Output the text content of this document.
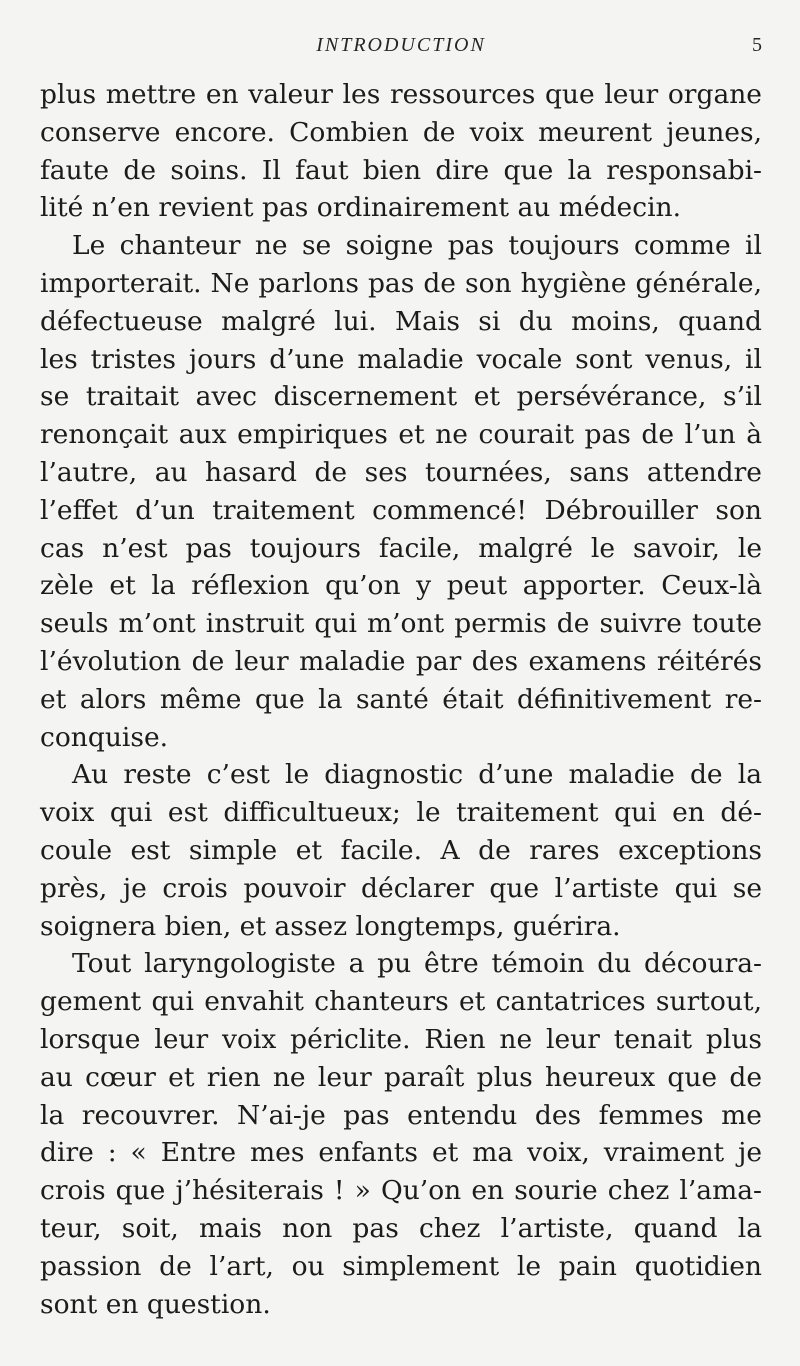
INTRODUCTION	5
plus mettre en valeur les ressources que leur organe
conserve encore. Combien de voix meurent jeunes,
faute de soins. Il faut bien dire que la responsabi-
lité n’en revient pas ordinairement au médecin.
Le chanteur ne se soigne pas toujours comme il
importerait. Ne parlons pas de son hygiène générale,
défectueuse malgré lui. Mais si du moins, quand
les tristes jours d’une maladie vocale sont venus, il
se traitait avec discernement et persévérance, s’il
renonçait aux empiriques et ne courait pas de l’un à
l’autre, au hasard de ses tournées, sans attendre
l’effet d’un traitement commencé! Débrouiller son
cas n’est pas toujours facile, malgré le savoir, le
zèle et la réflexion qu’on y peut apporter. Ceux-là
seuls m’ont instruit qui m’ont permis de suivre toute
l’évolution de leur maladie par des examens réitérés
et alors même que la santé était définitivement re-
conquise.
Au reste c’est le diagnostic d’une maladie de la
voix qui est difficultueux; le traitement qui en dé-
coule est simple et facile. A de rares exceptions
près, je crois pouvoir déclarer que l’artiste qui se
soignera bien, et assez longtemps, guérira.
Tout laryngologiste a pu être témoin du découra-
gement qui envahit chanteurs et cantatrices surtout,
lorsque leur voix périclite. Rien ne leur tenait plus
au cœur et rien ne leur paraît plus heureux que de
la recouvrer. N’ai-je pas entendu des femmes me
dire : « Entre mes enfants et ma voix, vraiment je
crois que j’hésiterais ! » Qu’on en sourie chez l’ama-
teur, soit, mais non pas chez l’artiste, quand la
passion de l’art, ou simplement le pain quotidien
sont en question.
